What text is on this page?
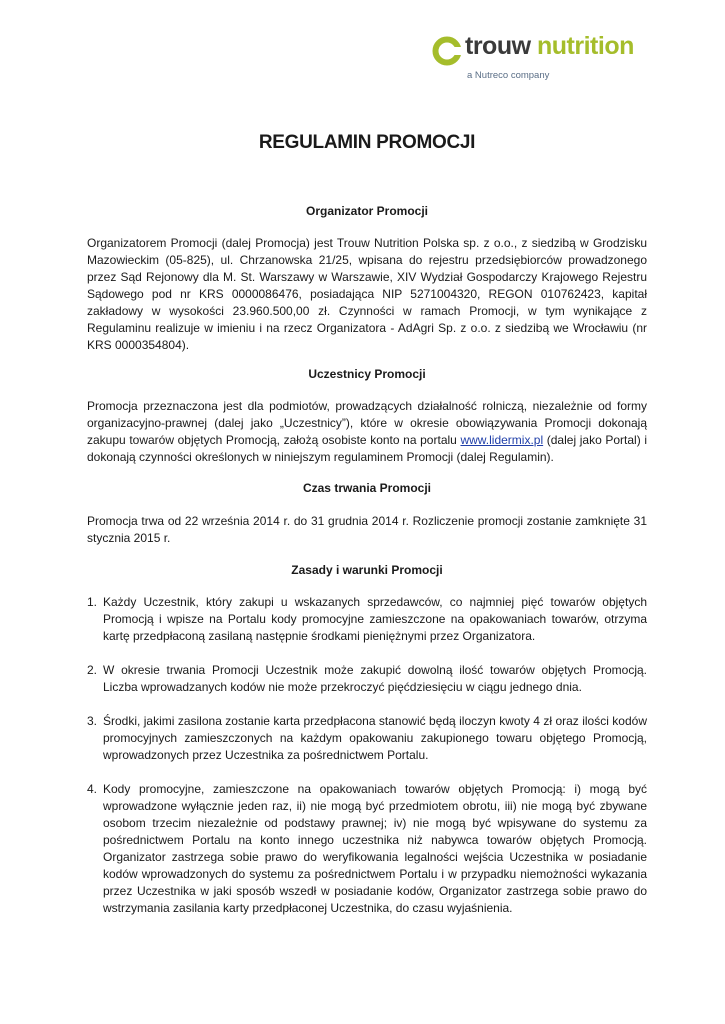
trouw nutrition
a Nutreco company
REGULAMIN PROMOCJI
Organizator Promocji

Organizatorem Promocji (dalej Promocja) jest Trouw Nutrition Polska sp. z o.o., z siedzibą w Grodzisku Mazowieckim (05-825), ul. Chrzanowska 21/25, wpisana do rejestru przedsiębiorców prowadzonego przez Sąd Rejonowy dla M. St. Warszawy w Warszawie, XIV Wydział Gospodarczy Krajowego Rejestru Sądowego pod nr KRS 0000086476, posiadająca NIP 5271004320, REGON 010762423, kapitał zakładowy w wysokości 23.960.500,00 zł. Czynności w ramach Promocji, w tym wynikające z Regulaminu realizuje w imieniu i na rzecz Organizatora - AdAgri Sp. z o.o. z siedzibą we Wrocławiu (nr KRS 0000354804).

Uczestnicy Promocji

Promocja przeznaczona jest dla podmiotów, prowadzących działalność rolniczą, niezależnie od formy organizacyjno-prawnej (dalej jako „Uczestnicy”), które w okresie obowiązywania Promocji dokonają zakupu towarów objętych Promocją, założą osobiste konto na portalu www.lidermix.pl (dalej jako Portal) i dokonają czynności określonych w niniejszym regulaminem Promocji (dalej Regulamin).

Czas trwania Promocji

Promocja trwa od 22 września 2014 r. do 31 grudnia 2014 r. Rozliczenie promocji zostanie zamknięte 31 stycznia 2015 r.

Zasady i warunki Promocji
1. Każdy Uczestnik, który zakupi u wskazanych sprzedawców, co najmniej pięć towarów objętych Promocją i wpisze na Portalu kody promocyjne zamieszczone na opakowaniach towarów, otrzyma kartę przedpłaconą zasilaną następnie środkami pieniężnymi przez Organizatora.
2. W okresie trwania Promocji Uczestnik może zakupić dowolną ilość towarów objętych Promocją. Liczba wprowadzanych kodów nie może przekroczyć pięćdziesięciu w ciągu jednego dnia.
3. Środki, jakimi zasilona zostanie karta przedpłacona stanowić będą iloczyn kwoty 4 zł oraz ilości kodów promocyjnych zamieszczonych na każdym opakowaniu zakupionego towaru objętego Promocją, wprowadzonych przez Uczestnika za pośrednictwem Portalu.
4. Kody promocyjne, zamieszczone na opakowaniach towarów objętych Promocją: i) mogą być wprowadzone wyłącznie jeden raz, ii) nie mogą być przedmiotem obrotu, iii) nie mogą być zbywane osobom trzecim niezależnie od podstawy prawnej; iv) nie mogą być wpisywane do systemu za pośrednictwem Portalu na konto innego uczestnika niż nabywca towarów objętych Promocją. Organizator zastrzega sobie prawo do weryfikowania legalności wejścia Uczestnika w posiadanie kodów wprowadzonych do systemu za pośrednictwem Portalu i w przypadku niemożności wykazania przez Uczestnika w jaki sposób wszedł w posiadanie kodów, Organizator zastrzega sobie prawo do wstrzymania zasilania karty przedpłaconej Uczestnika, do czasu wyjaśnienia.
